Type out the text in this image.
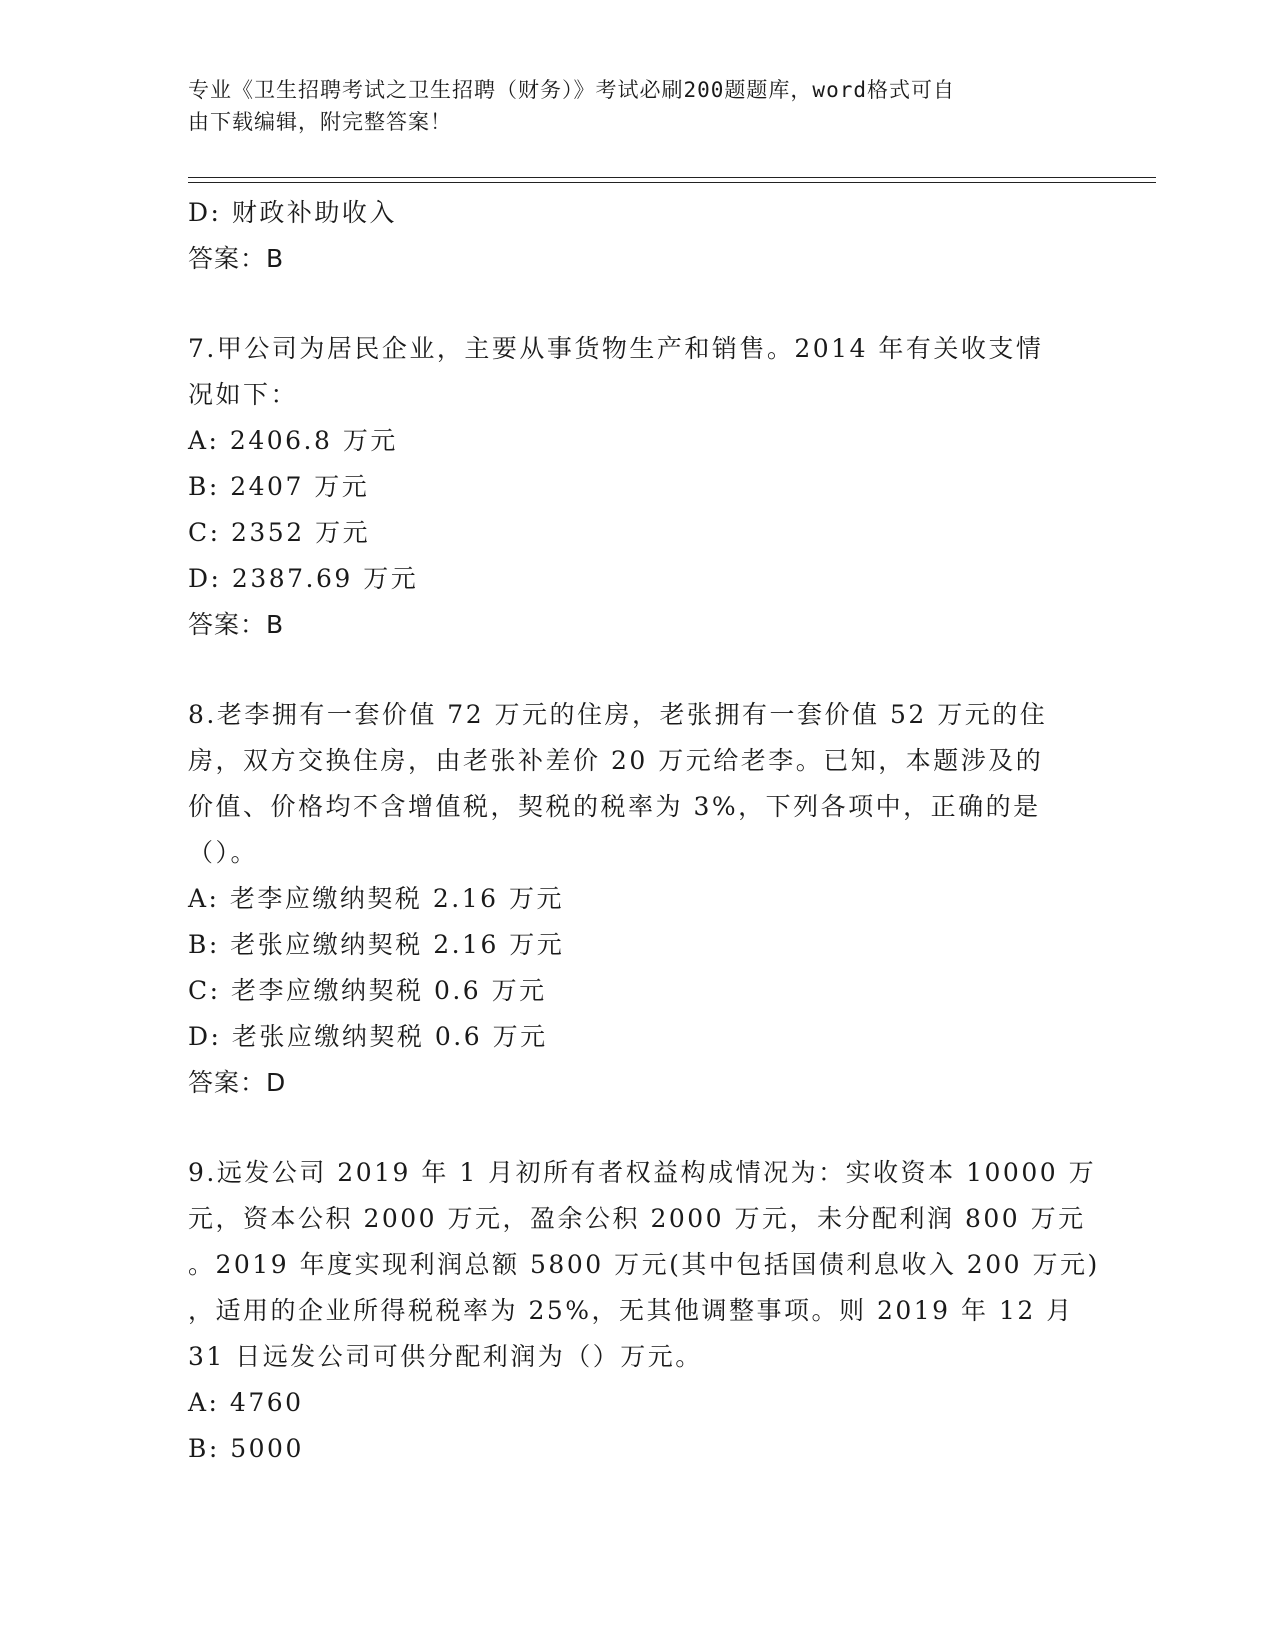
专业《卫生招聘考试之卫生招聘（财务）》考试必刷200题题库，word格式可自
由下载编辑，附完整答案！
D: 财政补助收入
答案：B
7.甲公司为居民企业，主要从事货物生产和销售。2014 年有关收支情
况如下：
A: 2406.8 万元
B: 2407 万元
C: 2352 万元
D: 2387.69 万元
答案：B
8.老李拥有一套价值 72 万元的住房，老张拥有一套价值 52 万元的住
房，双方交换住房，由老张补差价 20 万元给老李。已知，本题涉及的
价值、价格均不含增值税，契税的税率为 3%，下列各项中，正确的是
（）。
A: 老李应缴纳契税 2.16 万元
B: 老张应缴纳契税 2.16 万元
C: 老李应缴纳契税 0.6 万元
D: 老张应缴纳契税 0.6 万元
答案：D
9.远发公司 2019 年 1 月初所有者权益构成情况为：实收资本 10000 万
元，资本公积 2000 万元，盈余公积 2000 万元，未分配利润 800 万元
。2019 年度实现利润总额 5800 万元(其中包括国债利息收入 200 万元)
，适用的企业所得税税率为 25%，无其他调整事项。则 2019 年 12 月
31 日远发公司可供分配利润为（）万元。
A: 4760
B: 5000
